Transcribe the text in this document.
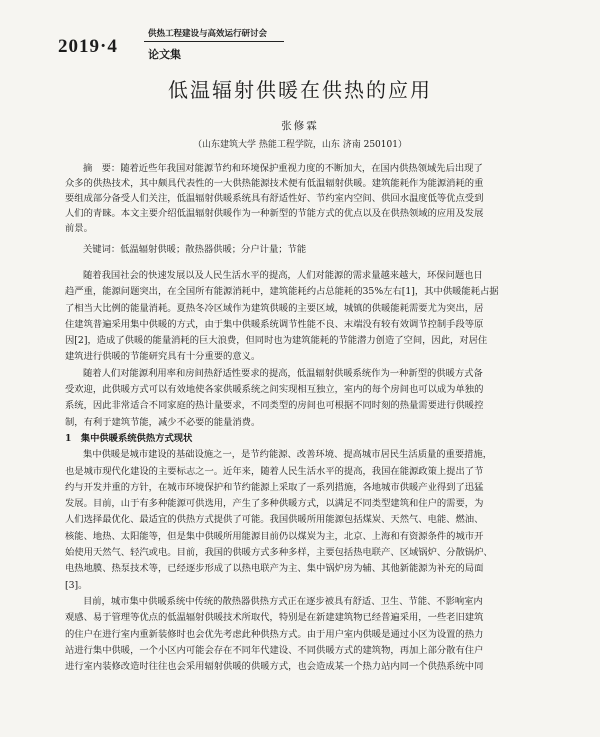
2019·4
供热工程建设与高效运行研讨会
论文集
低温辐射供暖在供热的应用
张修霖
（山东建筑大学 热能工程学院，山东 济南 250101）
摘　要：随着近些年我国对能源节约和环境保护重视力度的不断加大，在国内供热领域先后出现了
众多的供热技术，其中颇具代表性的一大供热能源技术便有低温辐射供暖。建筑能耗作为能源消耗的重
要组成部分备受人们关注，低温辐射供暖系统具有舒适性好、节约室内空间、供回水温度低等优点受到
人们的青睐。本文主要介绍低温辐射供暖作为一种新型的节能方式的优点以及在供热领域的应用及发展
前景。
关键词：低温辐射供暖；散热器供暖；分户计量；节能
随着我国社会的快速发展以及人民生活水平的提高，人们对能源的需求量越来越大，环保问题也日
趋严重，能源问题突出，在全国所有能源消耗中，建筑能耗约占总能耗的35%左右[1]，其中供暖能耗占据
了相当大比例的能量消耗。夏热冬冷区域作为建筑供暖的主要区域，城镇的供暖能耗需要尤为突出，居
住建筑普遍采用集中供暖的方式，由于集中供暖系统调节性能不良、末端没有较有效调节控制手段等原
因[2]，造成了供暖的能量消耗的巨大浪费，但同时也为建筑能耗的节能潜力创造了空间，因此，对居住
建筑进行供暖的节能研究具有十分重要的意义。
随着人们对能源利用率和房间热舒适性要求的提高，低温辐射供暖系统作为一种新型的供暖方式备
受欢迎，此供暖方式可以有效地使各家供暖系统之间实现相互独立，室内的每个房间也可以成为单独的
系统，因此非常适合不同家庭的热计量要求，不同类型的房间也可根据不同时刻的热量需要进行供暖控
制，有利于建筑节能，减少不必要的能量消费。
1　集中供暖系统供热方式现状
集中供暖是城市建设的基础设施之一，是节约能源、改善环境、提高城市居民生活质量的重要措施，
也是城市现代化建设的主要标志之一。近年来，随着人民生活水平的提高，我国在能源政策上提出了节
约与开发并重的方针，在城市环境保护和节约能源上采取了一系列措施，各地城市供暖产业得到了迅猛
发展。目前，山于有多种能源可供选用，产生了多种供暖方式，以满足不同类型建筑和住户的需要，为
人们选择最优化、最适宜的供热方式提供了可能。我国供暖所用能源包括煤炭、天然气、电能、燃油、
核能、地热、太阳能等，但是集中供暖所用能源目前仍以煤炭为主，北京、上海和有资源条件的城市开
始使用天然气、轻汽或电。目前，我国的供暖方式多种多样，主要包括热电联产、区域锅炉、分散锅炉、
电热地膜、热泵技术等，已经逐步形成了以热电联产为主、集中锅炉房为辅、其他新能源为补充的局面
[3]。
目前，城市集中供暖系统中传统的散热器供热方式正在逐步被具有舒适、卫生、节能、不影响室内
观感、易于管理等优点的低温辐射供暖技术所取代，特别是在新建建筑物已经普遍采用，一些老旧建筑
的住户在进行室内重新装修时也会优先考虑此种供热方式。由于用户室内供暖是通过小区为设置的热力
站进行集中供暖，一个小区内可能会存在不同年代建设、不同供暖方式的建筑物，再加上部分散有住户
进行室内装修改造时往往也会采用辐射供暖的供暖方式，也会造成某一个热力站内同一个供热系统中同
